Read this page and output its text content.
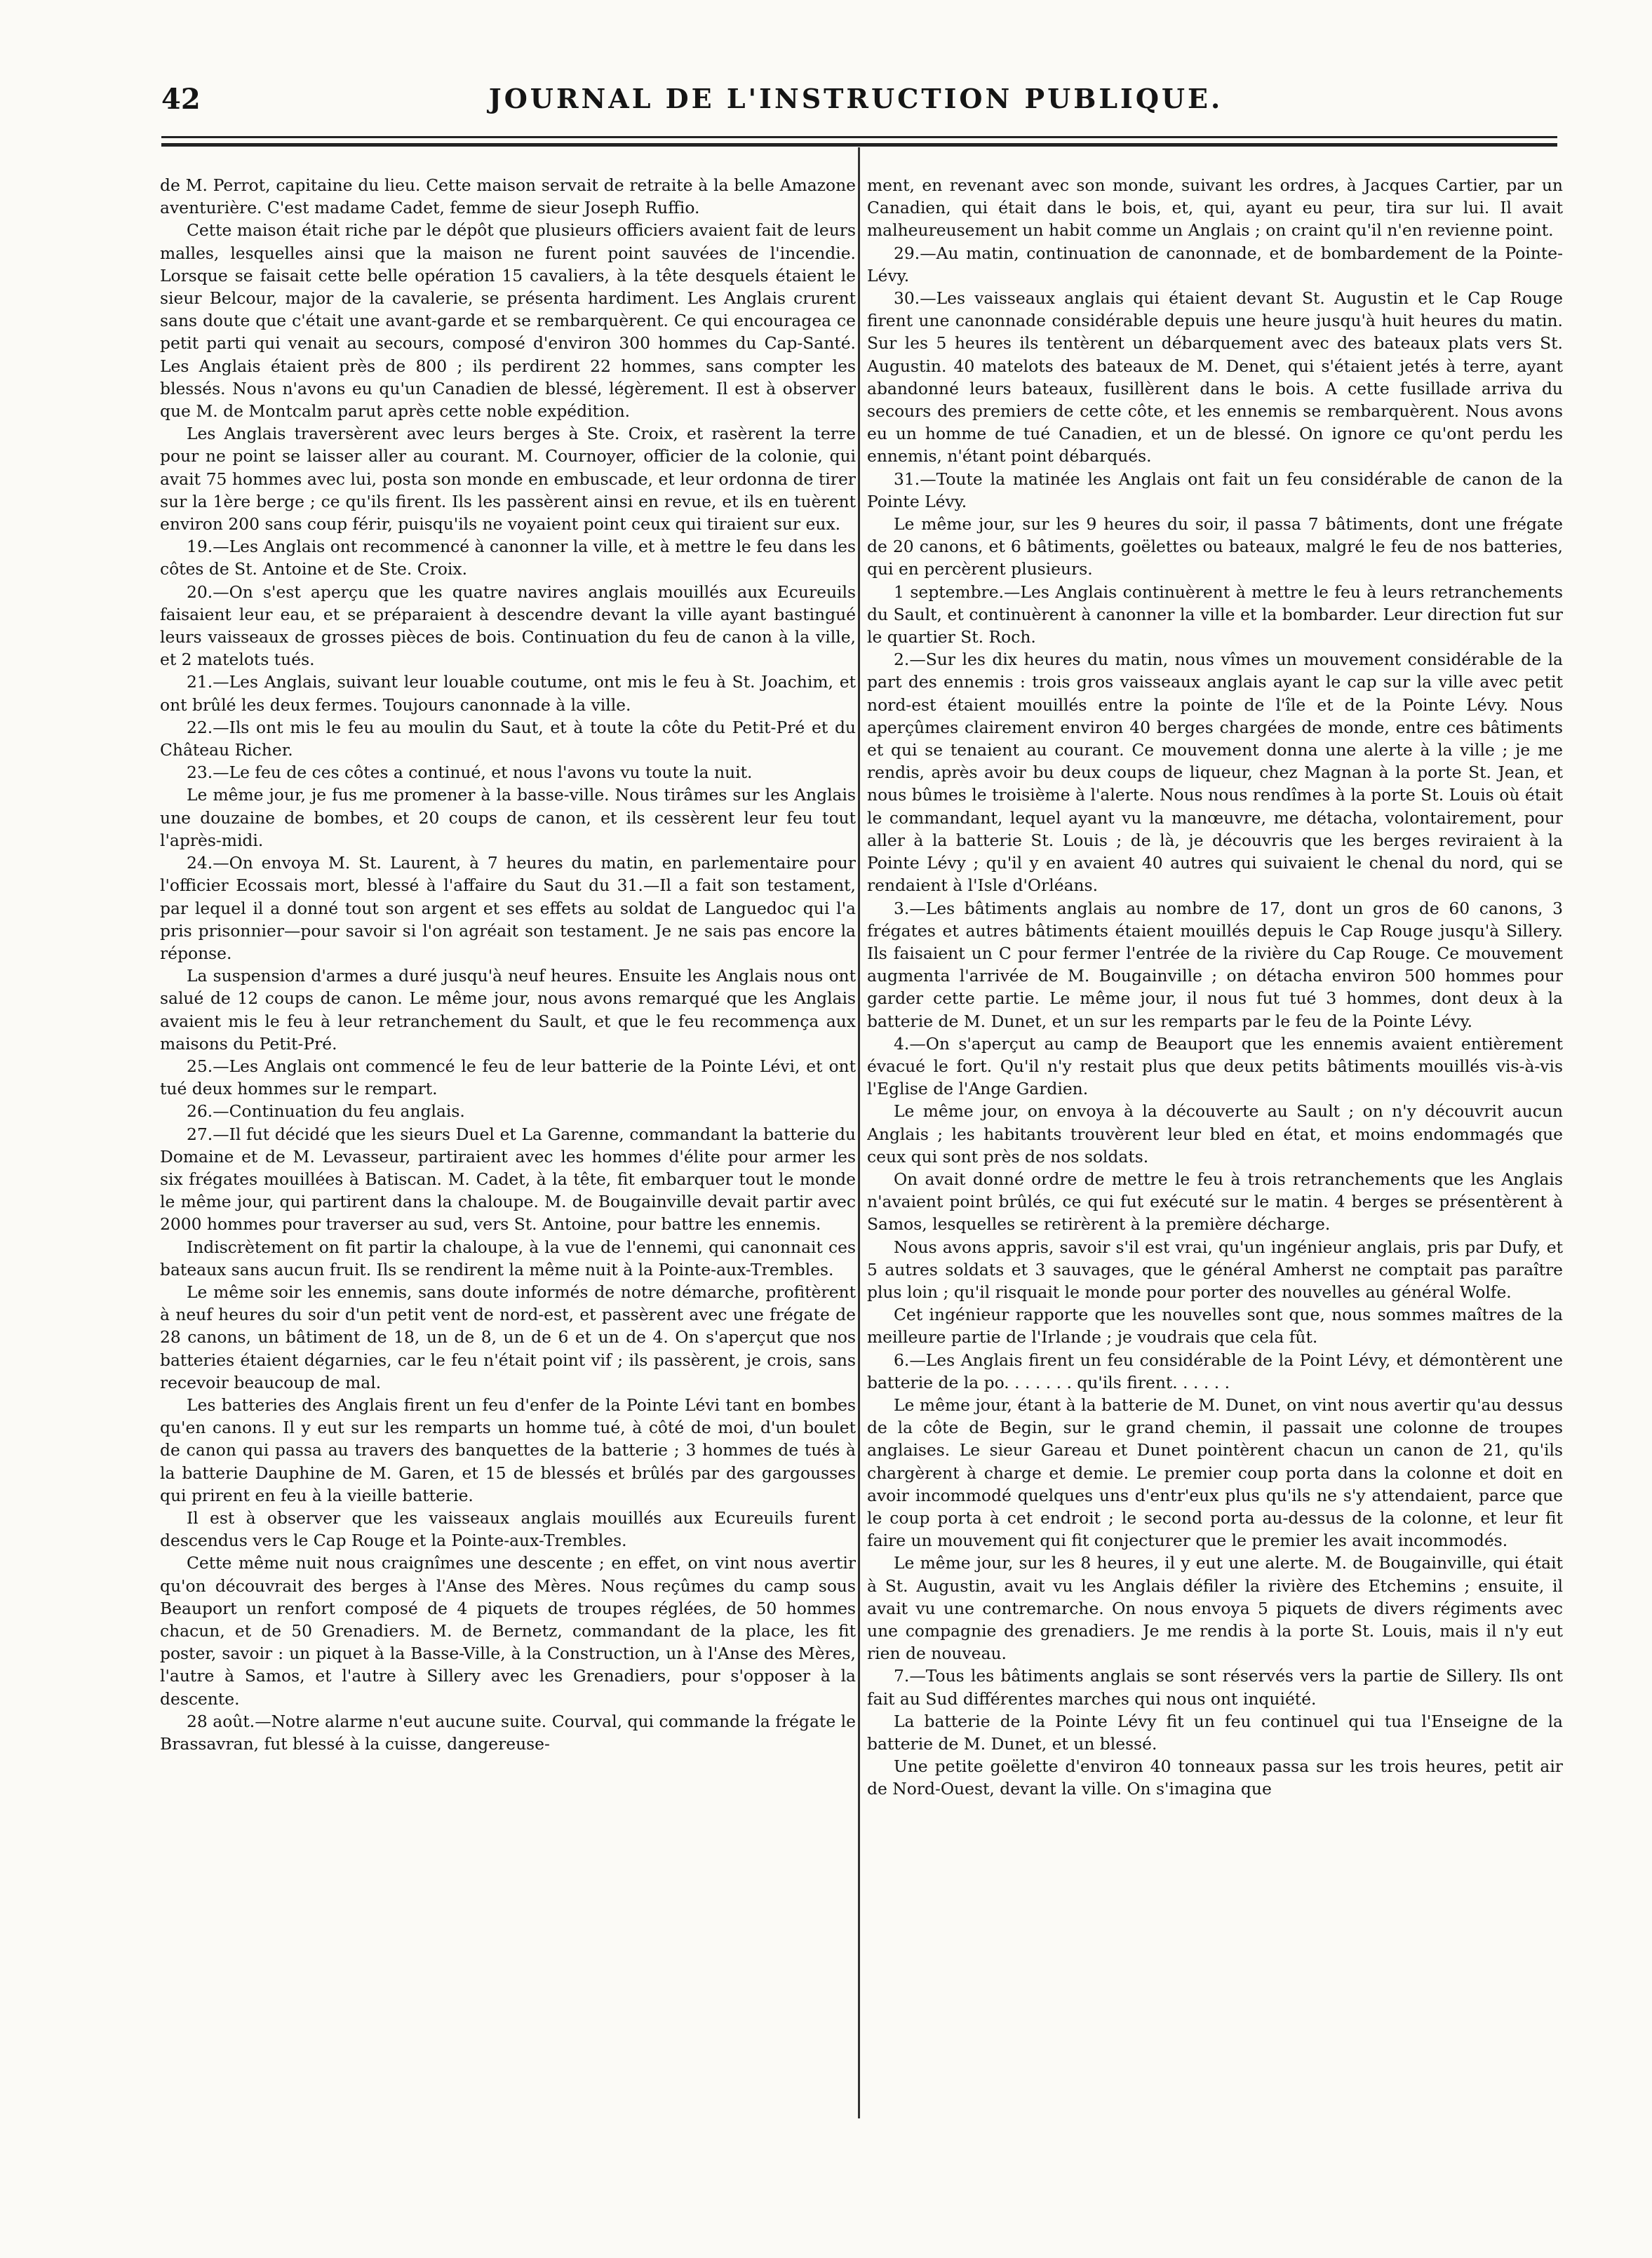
42	JOURNAL DE L'INSTRUCTION PUBLIQUE.

de M. Perrot, capitaine du lieu. Cette maison servait de retraite à la belle Amazone aventurière. C'est madame Cadet, femme de sieur Joseph Ruffio.

Cette maison était riche par le dépôt que plusieurs officiers avaient fait de leurs malles, lesquelles ainsi que la maison ne furent point sauvées de l'incendie. Lorsque se faisait cette belle opération 15 cavaliers, à la tête desquels étaient le sieur Belcour, major de la cavalerie, se présenta hardiment. Les Anglais crurent sans doute que c'était une avant-garde et se rembarquèrent. Ce qui encouragea ce petit parti qui venait au secours, composé d'environ 300 hommes du Cap-Santé. Les Anglais étaient près de 800 ; ils perdirent 22 hommes, sans compter les blessés. Nous n'avons eu qu'un Canadien de blessé, légèrement. Il est à observer que M. de Montcalm parut après cette noble expédition.

Les Anglais traversèrent avec leurs berges à Ste. Croix, et rasèrent la terre pour ne point se laisser aller au courant. M. Cournoyer, officier de la colonie, qui avait 75 hommes avec lui, posta son monde en embuscade, et leur ordonna de tirer sur la 1ère berge ; ce qu'ils firent. Ils les passèrent ainsi en revue, et ils en tuèrent environ 200 sans coup férir, puisqu'ils ne voyaient point ceux qui tiraient sur eux.

19.—Les Anglais ont recommencé à canonner la ville, et à mettre le feu dans les côtes de St. Antoine et de Ste. Croix.

20.—On s'est aperçu que les quatre navires anglais mouillés aux Ecureuils faisaient leur eau, et se préparaient à descendre devant la ville ayant bastingué leurs vaisseaux de grosses pièces de bois. Continuation du feu de canon à la ville, et 2 matelots tués.

21.—Les Anglais, suivant leur louable coutume, ont mis le feu à St. Joachim, et ont brûlé les deux fermes. Toujours canonnade à la ville.

22.—Ils ont mis le feu au moulin du Saut, et à toute la côte du Petit-Pré et du Château Richer.

23.—Le feu de ces côtes a continué, et nous l'avons vu toute la nuit.

Le même jour, je fus me promener à la basse-ville. Nous tirâmes sur les Anglais une douzaine de bombes, et 20 coups de canon, et ils cessèrent leur feu tout l'après-midi.

24.—On envoya M. St. Laurent, à 7 heures du matin, en parlementaire pour l'officier Ecossais mort, blessé à l'affaire du Saut du 31.—Il a fait son testament, par lequel il a donné tout son argent et ses effets au soldat de Languedoc qui l'a pris prisonnier—pour savoir si l'on agréait son testament. Je ne sais pas encore la réponse.

La suspension d'armes a duré jusqu'à neuf heures. Ensuite les Anglais nous ont salué de 12 coups de canon. Le même jour, nous avons remarqué que les Anglais avaient mis le feu à leur retranchement du Sault, et que le feu recommença aux maisons du Petit-Pré.

25.—Les Anglais ont commencé le feu de leur batterie de la Pointe Lévi, et ont tué deux hommes sur le rempart.

26.—Continuation du feu anglais.

27.—Il fut décidé que les sieurs Duel et La Garenne, commandant la batterie du Domaine et de M. Levasseur, partiraient avec les hommes d'élite pour armer les six frégates mouillées à Batiscan. M. Cadet, à la tête, fit embarquer tout le monde le même jour, qui partirent dans la chaloupe. M. de Bougainville devait partir avec 2000 hommes pour traverser au sud, vers St. Antoine, pour battre les ennemis.

Indiscrètement on fit partir la chaloupe, à la vue de l'ennemi, qui canonnait ces bateaux sans aucun fruit. Ils se rendirent la même nuit à la Pointe-aux-Trembles.

Le même soir les ennemis, sans doute informés de notre démarche, profitèrent à neuf heures du soir d'un petit vent de nord-est, et passèrent avec une frégate de 28 canons, un bâtiment de 18, un de 8, un de 6 et un de 4. On s'aperçut que nos batteries étaient dégarnies, car le feu n'était point vif ; ils passèrent, je crois, sans recevoir beaucoup de mal.

Les batteries des Anglais firent un feu d'enfer de la Pointe Lévi tant en bombes qu'en canons. Il y eut sur les remparts un homme tué, à côté de moi, d'un boulet de canon qui passa au travers des banquettes de la batterie ; 3 hommes de tués à la batterie Dauphine de M. Garen, et 15 de blessés et brûlés par des gargousses qui prirent en feu à la vieille batterie.

Il est à observer que les vaisseaux anglais mouillés aux Ecureuils furent descendus vers le Cap Rouge et la Pointe-aux-Trembles.

Cette même nuit nous craignîmes une descente ; en effet, on vint nous avertir qu'on découvrait des berges à l'Anse des Mères. Nous reçûmes du camp sous Beauport un renfort composé de 4 piquets de troupes réglées, de 50 hommes chacun, et de 50 Grenadiers. M. de Bernetz, commandant de la place, les fit poster, savoir : un piquet à la Basse-Ville, à la Construction, un à l'Anse des Mères, l'autre à Samos, et l'autre à Sillery avec les Grenadiers, pour s'opposer à la descente.

28 août.—Notre alarme n'eut aucune suite. Courval, qui commande la frégate le Brassavran, fut blessé à la cuisse, dangereuse-

ment, en revenant avec son monde, suivant les ordres, à Jacques Cartier, par un Canadien, qui était dans le bois, et, qui, ayant eu peur, tira sur lui. Il avait malheureusement un habit comme un Anglais ; on craint qu'il n'en revienne point.

29.—Au matin, continuation de canonnade, et de bombardement de la Pointe-Lévy.

30.—Les vaisseaux anglais qui étaient devant St. Augustin et le Cap Rouge firent une canonnade considérable depuis une heure jusqu'à huit heures du matin. Sur les 5 heures ils tentèrent un débarquement avec des bateaux plats vers St. Augustin. 40 matelots des bateaux de M. Denet, qui s'étaient jetés à terre, ayant abandonné leurs bateaux, fusillèrent dans le bois. A cette fusillade arriva du secours des premiers de cette côte, et les ennemis se rembarquèrent. Nous avons eu un homme de tué Canadien, et un de blessé. On ignore ce qu'ont perdu les ennemis, n'étant point débarqués.

31.—Toute la matinée les Anglais ont fait un feu considérable de canon de la Pointe Lévy.

Le même jour, sur les 9 heures du soir, il passa 7 bâtiments, dont une frégate de 20 canons, et 6 bâtiments, goëlettes ou bateaux, malgré le feu de nos batteries, qui en percèrent plusieurs.

1 septembre.—Les Anglais continuèrent à mettre le feu à leurs retranchements du Sault, et continuèrent à canonner la ville et la bombarder. Leur direction fut sur le quartier St. Roch.

2.—Sur les dix heures du matin, nous vîmes un mouvement considérable de la part des ennemis : trois gros vaisseaux anglais ayant le cap sur la ville avec petit nord-est étaient mouillés entre la pointe de l'île et de la Pointe Lévy. Nous aperçûmes clairement environ 40 berges chargées de monde, entre ces bâtiments et qui se tenaient au courant. Ce mouvement donna une alerte à la ville ; je me rendis, après avoir bu deux coups de liqueur, chez Magnan à la porte St. Jean, et nous bûmes le troisième à l'alerte. Nous nous rendîmes à la porte St. Louis où était le commandant, lequel ayant vu la manœuvre, me détacha, volontairement, pour aller à la batterie St. Louis ; de là, je découvris que les berges reviraient à la Pointe Lévy ; qu'il y en avaient 40 autres qui suivaient le chenal du nord, qui se rendaient à l'Isle d'Orléans.

3.—Les bâtiments anglais au nombre de 17, dont un gros de 60 canons, 3 frégates et autres bâtiments étaient mouillés depuis le Cap Rouge jusqu'à Sillery. Ils faisaient un C pour fermer l'entrée de la rivière du Cap Rouge. Ce mouvement augmenta l'arrivée de M. Bougainville ; on détacha environ 500 hommes pour garder cette partie. Le même jour, il nous fut tué 3 hommes, dont deux à la batterie de M. Dunet, et un sur les remparts par le feu de la Pointe Lévy.

4.—On s'aperçut au camp de Beauport que les ennemis avaient entièrement évacué le fort. Qu'il n'y restait plus que deux petits bâtiments mouillés vis-à-vis l'Eglise de l'Ange Gardien.

Le même jour, on envoya à la découverte au Sault ; on n'y découvrit aucun Anglais ; les habitants trouvèrent leur bled en état, et moins endommagés que ceux qui sont près de nos soldats.

On avait donné ordre de mettre le feu à trois retranchements que les Anglais n'avaient point brûlés, ce qui fut exécuté sur le matin. 4 berges se présentèrent à Samos, lesquelles se retirèrent à la première décharge.

Nous avons appris, savoir s'il est vrai, qu'un ingénieur anglais, pris par Dufy, et 5 autres soldats et 3 sauvages, que le général Amherst ne comptait pas paraître plus loin ; qu'il risquait le monde pour porter des nouvelles au général Wolfe.

Cet ingénieur rapporte que les nouvelles sont que, nous sommes maîtres de la meilleure partie de l'Irlande ; je voudrais que cela fût.

6.—Les Anglais firent un feu considérable de la Point Lévy, et démontèrent une batterie de la po. . . . . . . qu'ils firent. . . . . .

Le même jour, étant à la batterie de M. Dunet, on vint nous avertir qu'au dessus de la côte de Begin, sur le grand chemin, il passait une colonne de troupes anglaises. Le sieur Gareau et Dunet pointèrent chacun un canon de 21, qu'ils chargèrent à charge et demie. Le premier coup porta dans la colonne et doit en avoir incommodé quelques uns d'entr'eux plus qu'ils ne s'y attendaient, parce que le coup porta à cet endroit ; le second porta au-dessus de la colonne, et leur fit faire un mouvement qui fit conjecturer que le premier les avait incommodés.

Le même jour, sur les 8 heures, il y eut une alerte. M. de Bougainville, qui était à St. Augustin, avait vu les Anglais défiler la rivière des Etchemins ; ensuite, il avait vu une contremarche. On nous envoyа 5 piquets de divers régiments avec une compagnie des grenadiers. Je me rendis à la porte St. Louis, mais il n'y eut rien de nouveau.

7.—Tous les bâtiments anglais se sont réservés vers la partie de Sillery. Ils ont fait au Sud différentes marches qui nous ont inquiété.

La batterie de la Pointe Lévy fit un feu continuel qui tua l'Enseigne de la batterie de M. Dunet, et un blessé.

Une petite goëlette d'environ 40 tonneaux passa sur les trois heures, petit air de Nord-Ouest, devant la ville. On s'imagina que
